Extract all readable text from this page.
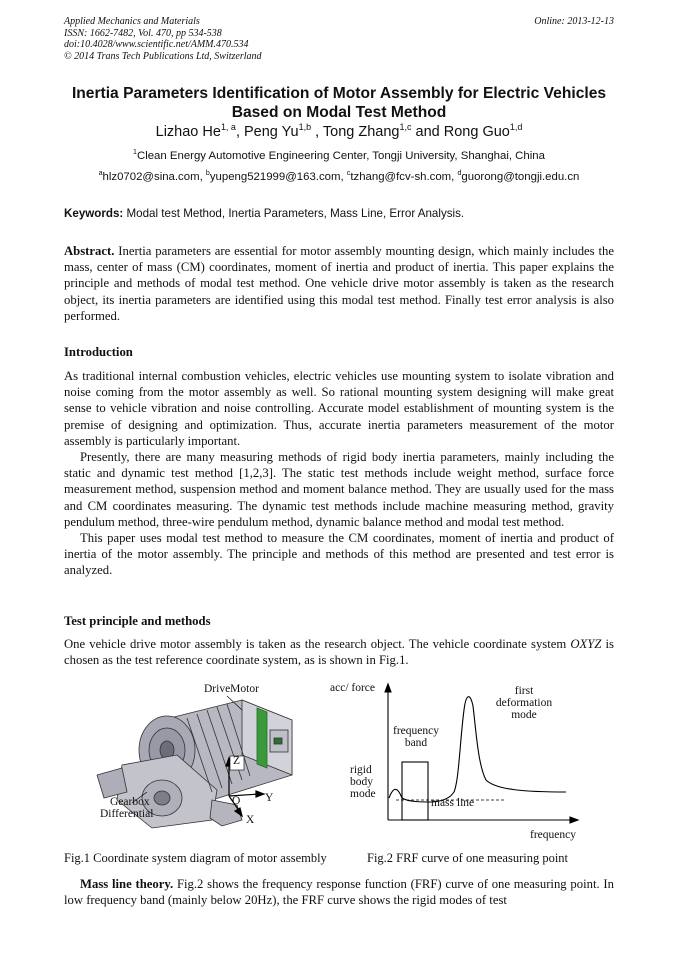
Applied Mechanics and Materials
ISSN: 1662-7482, Vol. 470, pp 534-538
doi:10.4028/www.scientific.net/AMM.470.534
© 2014 Trans Tech Publications Ltd, Switzerland
Online: 2013-12-13
Inertia Parameters Identification of Motor Assembly for Electric Vehicles
Based on Modal Test Method
Lizhao He$^{1, a}$, Peng Yu$^{1,b}$ , Tong Zhang$^{1,c}$ and Rong Guo$^{1,d}$
$^1$Clean Energy Automotive Engineering Center, Tongji University, Shanghai, China
$^a$hlz0702@sina.com, $^b$yupeng521999@163.com, $^c$tzhang@fcv-sh.com, $^d$guorong@tongji.edu.cn
Keywords: Modal test Method, Inertia Parameters, Mass Line, Error Analysis.

Abstract. Inertia parameters are essential for motor assembly mounting design, which mainly includes the mass, center of mass (CM) coordinates, moment of inertia and product of inertia. This paper explains the principle and methods of modal test method. One vehicle drive motor assembly is taken as the research object, its inertia parameters are identified using this modal test method. Finally test error analysis is also performed.

Introduction

As traditional internal combustion vehicles, electric vehicles use mounting system to isolate vibration and noise coming from the motor assembly as well. So rational mounting system designing will make great sense to vehicle vibration and noise controlling. Accurate model establishment of mounting system is the premise of designing and optimization. Thus, accurate inertia parameters measurement of the motor assembly is particularly important.

Presently, there are many measuring methods of rigid body inertia parameters, mainly including the static and dynamic test method [1,2,3]. The static test methods include weight method, surface force measurement method, suspension method and moment balance method. They are usually used for the mass and CM coordinates measuring. The dynamic test methods include machine measuring method, gravity pendulum method, three-wire pendulum method, dynamic balance method and modal test method.

This paper uses modal test method to measure the CM coordinates, moment of inertia and product of inertia of the motor assembly. The principle and methods of this method are presented and test error is analyzed.

Test principle and methods

One vehicle drive motor assembly is taken as the research object. The vehicle coordinate system OXYZ is chosen as the test reference coordinate system, as is shown in Fig.1.

DriveMotor
Gearbox
Differential
Z
Y
X
O
acc/ force
frequency
first
deformation
mode
frequency
band
rigid
body
mode
mass line
Fig.1 Coordinate system diagram of motor assembly	Fig.2 FRF curve of one measuring point

Mass line theory. Fig.2 shows the frequency response function (FRF) curve of one measuring point. In low frequency band (mainly below 20Hz), the FRF curve shows the rigid modes of test
